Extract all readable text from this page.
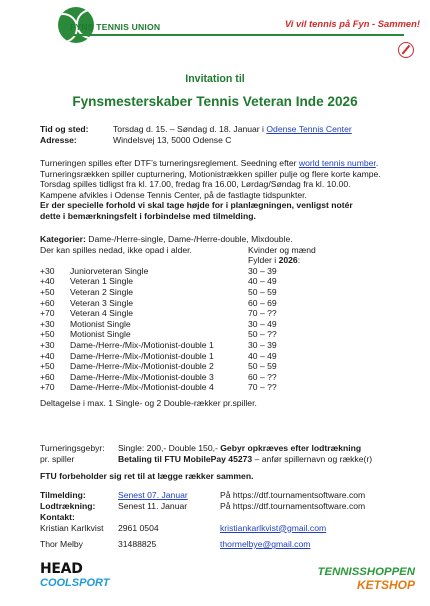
FYNS TENNIS UNION	Vi vil tennis på Fyn - Sammen!
Invitation til
Fynsmesterskaber Tennis Veteran Inde 2026
Tid og sted:	Torsdag d. 15. – Søndag d. 18. Januar i Odense Tennis Center
Adresse:	Windelsvej 13, 5000 Odense C
Turneringen spilles efter DTF’s turneringsreglement. Seedning efter world tennis number.
Turneringsrækken spiller cupturnering, Motionistrækken spiller pulje og flere korte kampe.
Torsdag spilles tidligst fra kl. 17.00, fredag fra 16.00, Lørdag/Søndag fra kl. 10.00.
Kampene afvikles i Odense Tennis Center, på de fastlagte tidspunkter.
Er der specielle forhold vi skal tage højde for i planlægningen, venligst notér
dette i bemærkningsfelt i forbindelse med tilmelding.
Kategorier: Dame-/Herre-single, Dame-/Herre-double, Mixdouble.
Der kan spilles nedad, ikke opad i alder.	Kvinder og mænd
Fylder i 2026:
+30 Juniorveteran Single	30 – 39
+40 Veteran 1 Single	40 – 49
+50 Veteran 2 Single	50 – 59
+60 Veteran 3 Single	60 – 69
+70 Veteran 4 Single	70 – ??
+30 Motionist Single	30 – 49
+50 Motionist Single	50 – ??
+30 Dame-/Herre-/Mix-/Motionist-double 1	30 – 39
+40 Dame-/Herre-/Mix-/Motionist-double 1	40 – 49
+50 Dame-/Herre-/Mix-/Motionist-double 2	50 – 59
+60 Dame-/Herre-/Mix-/Motionist-double 3	60 – ??
+70 Dame-/Herre-/Mix-/Motionist-double 4	70 – ??
Deltagelse i max. 1 Single- og 2 Double-rækker pr.spiller.
Turneringsgebyr: Single: 200,- Double 150,- Gebyr opkræves efter lodtrækning
pr. spiller	Betaling til FTU MobilePay 45273 – anfør spillernavn og række(r)
FTU forbeholder sig ret til at lægge rækker sammen.
Tilmelding:	Senest 07. Januar	På https://dtf.tournamentsoftware.com
Lodtrækning:	Senest 11. Januar	På https://dtf.tournamentsoftware.com
Kontakt:
Kristian Karlkvist 2961 0504	kristiankarlkvist@gmail.com
Thor Melby	31488825	thormelbye@gmail.com
HEAD
COOLSPORT
TENNISSHOPPEN
KETSHOP
